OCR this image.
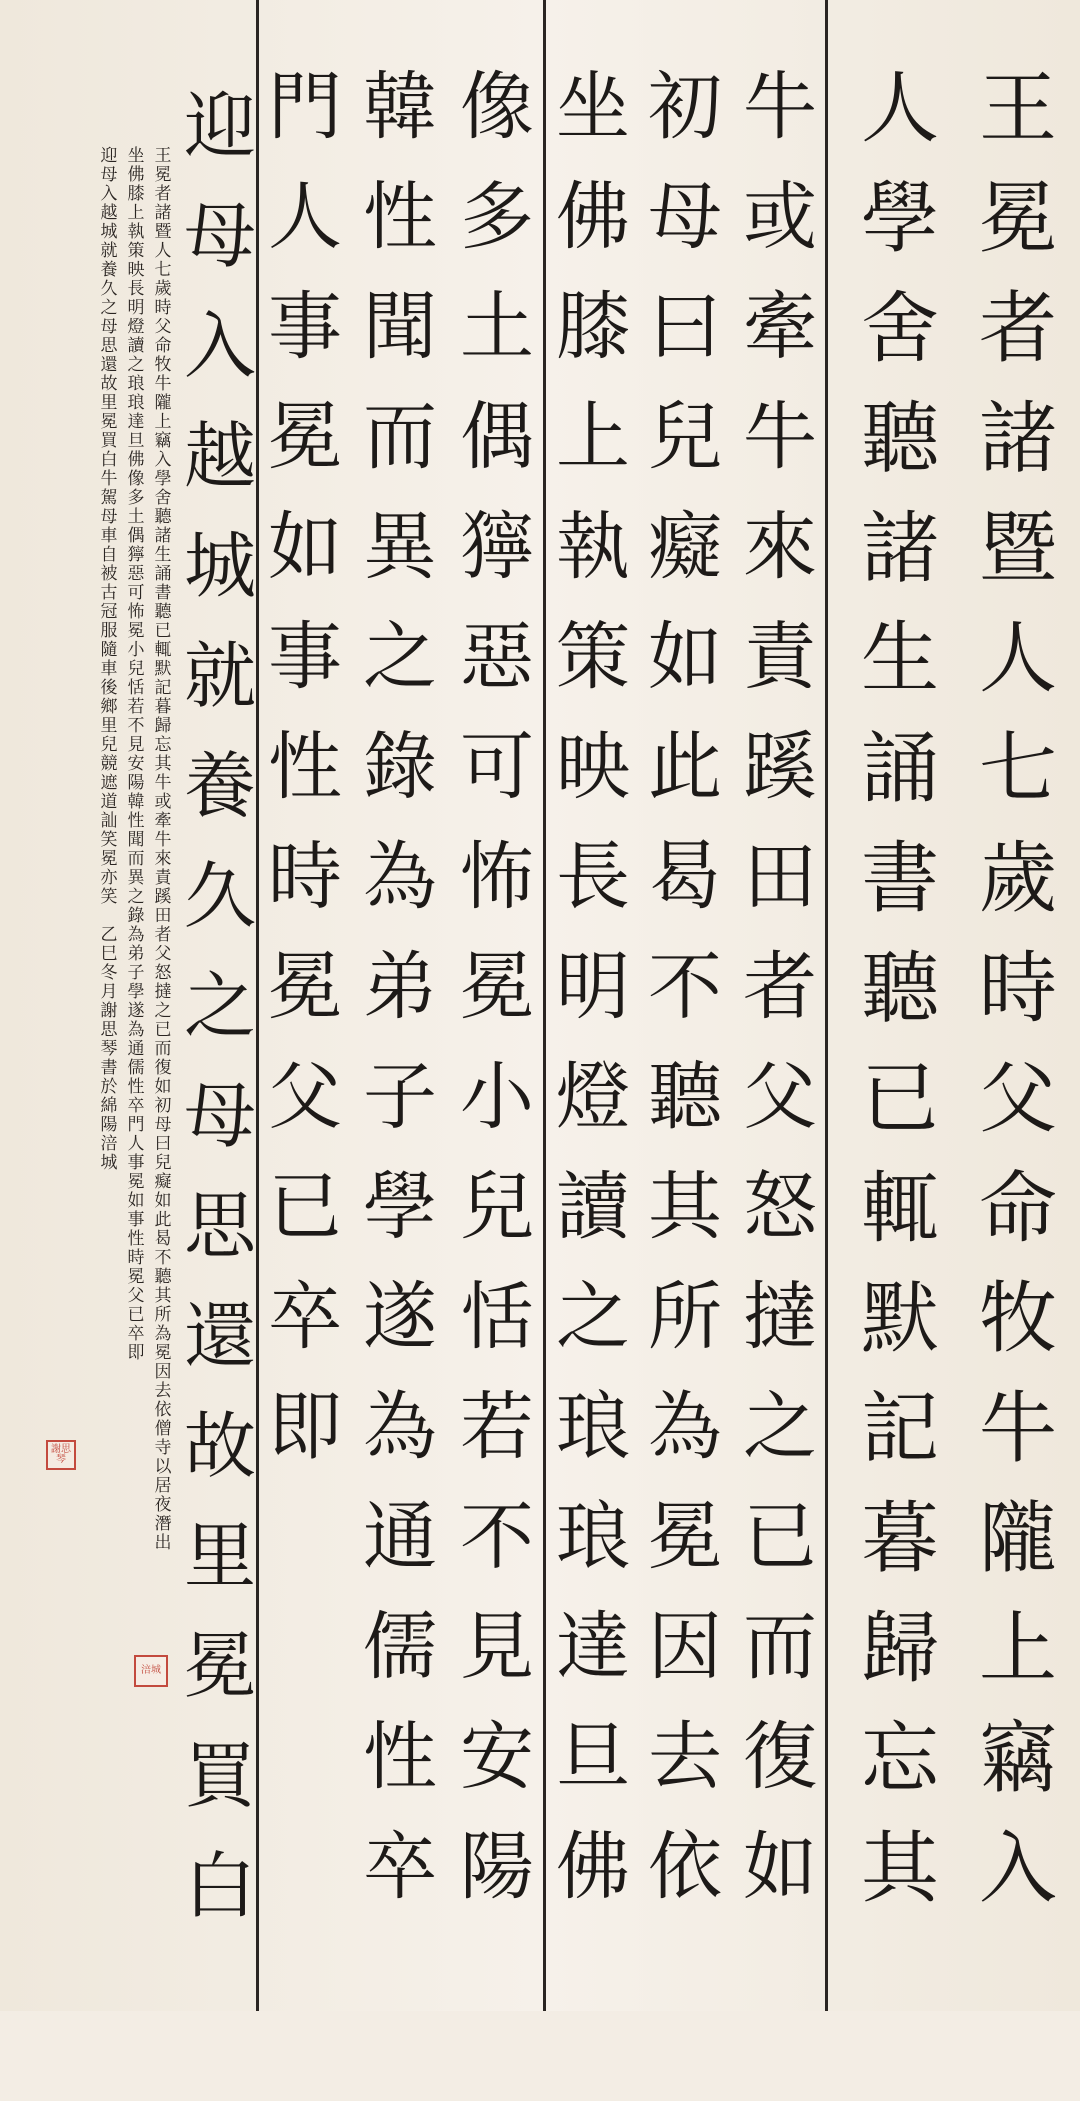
王
冕
者
諸
暨
人
七
歲
時
父
命
牧
牛
隴
上
竊
入
人
學
舍
聽
諸
生
誦
書
聽
已
輒
默
記
暮
歸
忘
其
牛
或
牽
牛
來
責
蹊
田
者
父
怒
撻
之
已
而
復
如
初
母
曰
兒
癡
如
此
曷
不
聽
其
所
為
冕
因
去
依
坐
佛
膝
上
執
策
映
長
明
燈
讀
之
琅
琅
達
旦
佛
像
多
土
偶
獰
惡
可
怖
冕
小
兒
恬
若
不
見
安
陽
韓
性
聞
而
異
之
錄
為
弟
子
學
遂
為
通
儒
性
卒
門
人
事
冕
如
事
性
時
冕
父
已
卒
即
迎
母
入
越
城
就
養
久
之
母
思
還
故
里
冕
買
白
王
冕
者
諸
暨
人
七
歲
時
父
命
牧
牛
隴
上
竊
入
學
舍
聽
諸
生
誦
書
聽
已
輒
默
記
暮
歸
忘
其
牛
或
牽
牛
來
責
蹊
田
者
父
怒
撻
之
已
而
復
如
初
母
曰
兒
癡
如
此
曷
不
聽
其
所
為
冕
因
去
依
僧
寺
以
居
夜
潛
出
坐
佛
膝
上
執
策
映
長
明
燈
讀
之
琅
琅
達
旦
佛
像
多
土
偶
獰
惡
可
怖
冕
小
兒
恬
若
不
見
安
陽
韓
性
聞
而
異
之
錄
為
弟
子
學
遂
為
通
儒
性
卒
門
人
事
冕
如
事
性
時
冕
父
已
卒
即
迎
母
入
越
城
就
養
久
之
母
思
還
故
里
冕
買
白
牛
駕
母
車
自
被
古
冠
服
隨
車
後
鄉
里
兒
競
遮
道
訕
笑
冕
亦
笑

乙
巳
冬
月
謝
思
琴
書
於
綿
陽
涪
城
謝思琴
涪城
